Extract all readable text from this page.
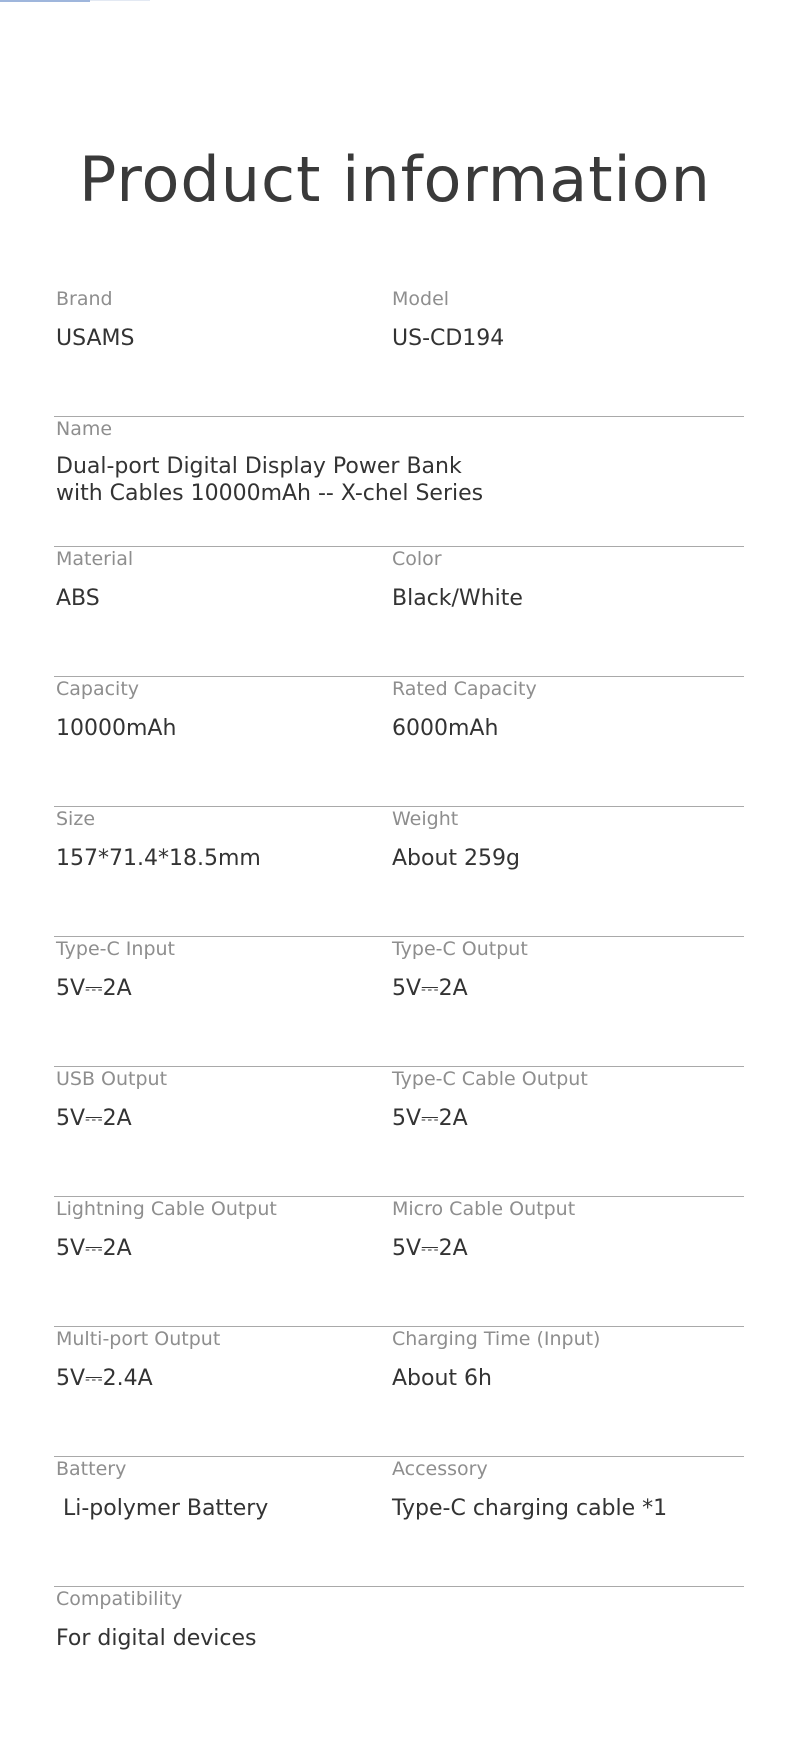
Product information
Brand
USAMS
Model
US-CD194
Name
Dual-port Digital Display Power Bank
with Cables 10000mAh -- X-chel Series
Material
ABS
Color
Black/White
Capacity
10000mAh
Rated Capacity
6000mAh
Size
157*71.4*18.5mm
Weight
About 259g
Type-C Input
5V⎓2A
Type-C Output
5V⎓2A
USB Output
5V⎓2A
Type-C Cable Output
5V⎓2A
Lightning Cable Output
5V⎓2A
Micro Cable Output
5V⎓2A
Multi-port Output
5V⎓2.4A
Charging Time (Input)
About 6h
Battery
Li-polymer Battery
Accessory
Type-C charging cable *1
Compatibility
For digital devices
